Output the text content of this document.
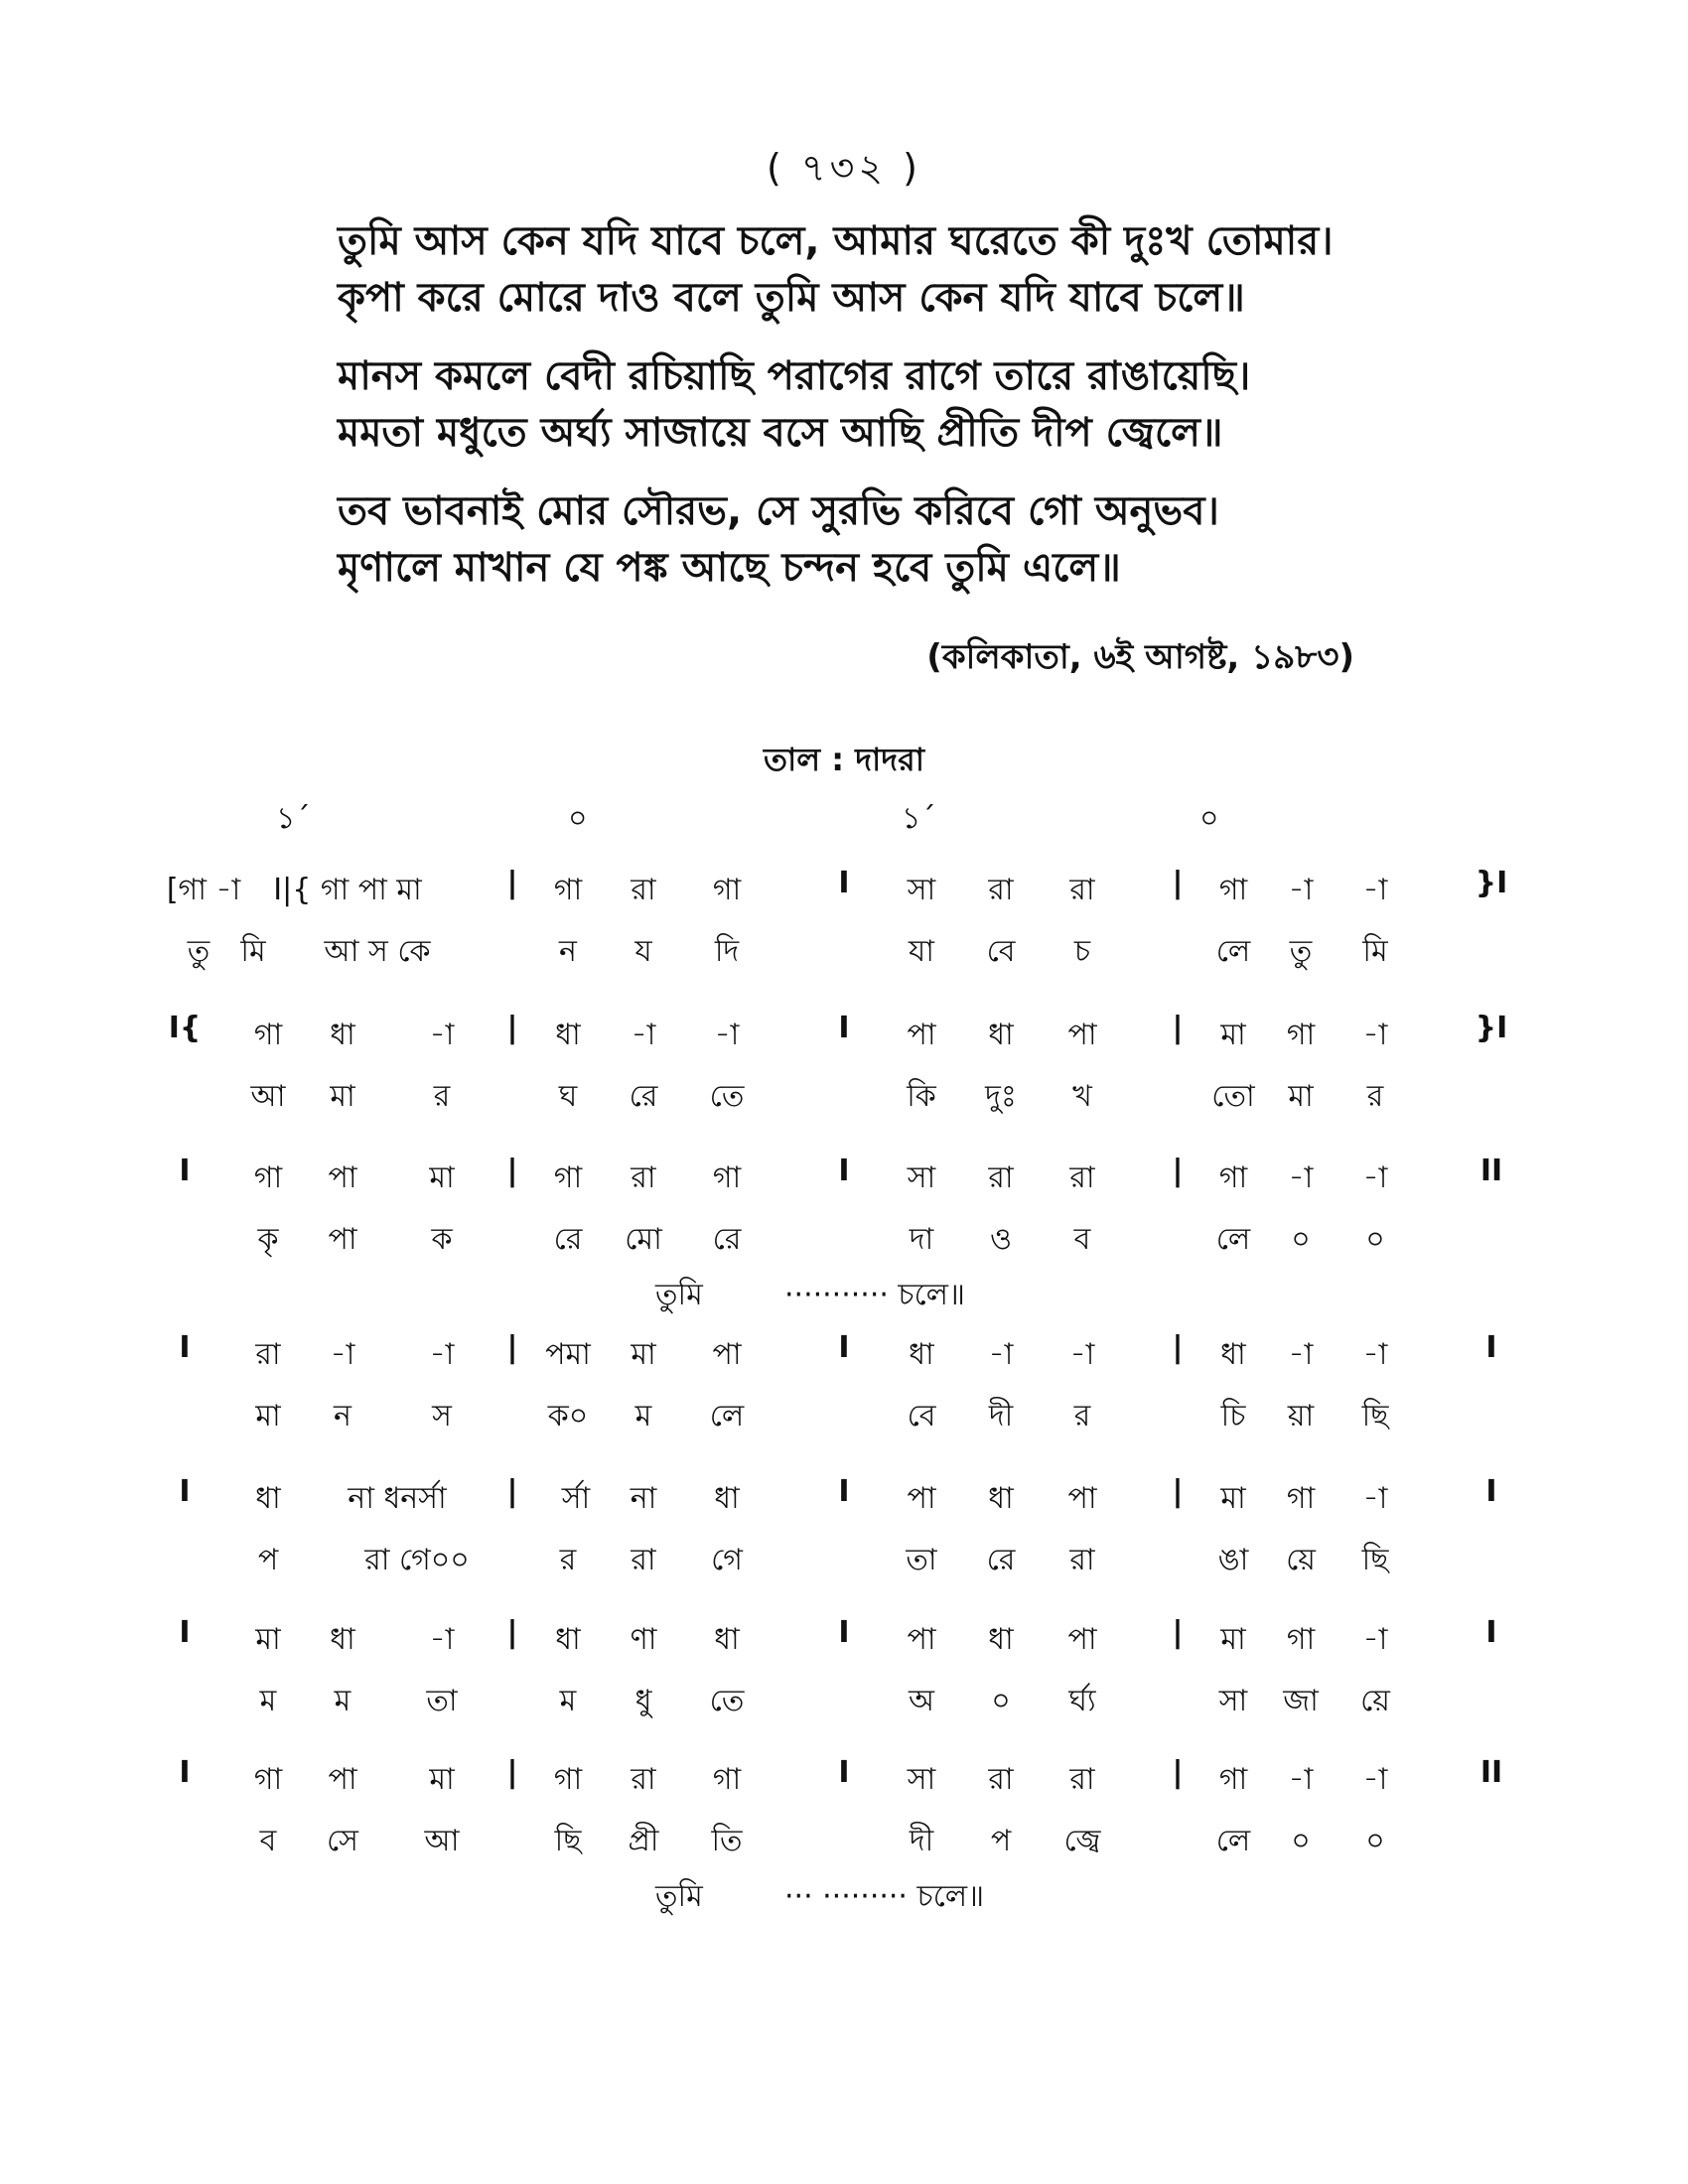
( ৭৩২ )
তুমি আস কেন যদি যাবে চলে, আমার ঘরেতে কী দুঃখ তোমার।
কৃপা করে মোরে দাও বলে তুমি আস কেন যদি যাবে চলে॥
মানস কমলে বেদী রচিয়াছি পরাগের রাগে তারে রাঙায়েছি।
মমতা মধুতে অর্ঘ্য সাজায়ে বসে আছি প্রীতি দীপ জ্বেলে॥
তব ভাবনাই মোর সৌরভ, সে সুরভি করিবে গো অনুভব।
মৃণালে মাখান যে পঙ্ক আছে চন্দন হবে তুমি এলে॥
(কলিকাতা, ৬ই আগষ্ট, ১৯৮৩)
তাল : দাদরা
১´	০	১´	০
[গা -া I|{ গা পা মা	| গা রা গা	I সা রা রা	| গা -া -া	}I
তু মি আ স কে	ন য দি	যা বে চ	লে তু মি
I{ গা ধা -া | ধা -া -া	I পা ধা পা	| মা গা -া	}I
আ মা	র	ঘ রে তে	কি দুঃ খ	তো মা র
I গা পা মা | গা রা গা	I সা রা রা	| গা -া -া	II
কৃ পা ক	রে মো রে	দা ও ব	লে ০ ০
তুমি	··········· চলে॥
I রা -া	-া | পমা মা পা	I ধা -া -া	| ধা -া -া	I
মা ন	স	ক০ ম লে	বে দী র	চি য়া ছি
I ধা না ধনর্সা | র্সা না ধা	I পা ধা পা	| মা গা -া	I
প	রা গে০০	র রা গে	তা রে রা	ঙা য়ে ছি
I মা ধা -া | ধা ণা ধা	I পা ধা পা	| মা গা -া	I
ম ম	তা	ম ধু তে	অ ০ র্ঘ্য	সা জা য়ে
I গা পা মা | গা রা গা	I সা রা রা	| গা -া -া	II
ব সে আ	ছি প্রী তি	দী প জ্বে	লে ০ ০
তুমি	··· ········· চলে॥
